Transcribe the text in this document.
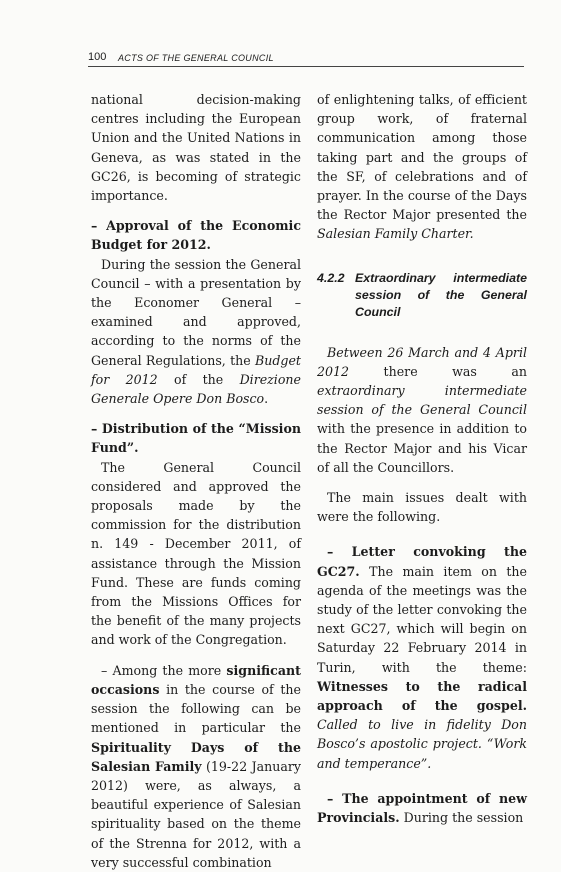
100 ACTS OF THE GENERAL COUNCIL

national decision-making centres including the European Union and the United Nations in Geneva, as was stated in the GC26, is becoming of strategic importance.

– Approval of the Economic Budget for 2012.

During the session the General Council – with a presentation by the Economer General – examined and approved, according to the norms of the General Regulations, the Budget for 2012 of the Direzione Generale Opere Don Bosco.

– Distribution of the “Mission Fund”.

The General Council considered and approved the proposals made by the commission for the distribution n. 149 - December 2011, of assistance through the Mission Fund. These are funds coming from the Missions Offices for the benefit of the many projects and work of the Congregation.

– Among the more significant occasions in the course of the session the following can be mentioned in particular the Spirituality Days of the Salesian Family (19-22 January 2012) were, as always, a beautiful experience of Salesian spirituality based on the theme of the Strenna for 2012, with a very successful combination

of enlightening talks, of efficient group work, of fraternal communication among those taking part and the groups of the SF, of celebrations and of prayer. In the course of the Days the Rector Major presented the Salesian Family Charter.

4.2.2 Extraordinary intermediate session of the General Council

Between 26 March and 4 April 2012 there was an extraordinary intermediate session of the General Council with the presence in addition to the Rector Major and his Vicar of all the Councillors.

The main issues dealt with were the following.

– Letter convoking the GC27. The main item on the agenda of the meetings was the study of the letter convoking the next GC27, which will begin on Saturday 22 February 2014 in Turin, with the theme: Witnesses to the radical approach of the gospel. Called to live in fidelity Don Bosco’s apostolic project. “Work and temperance”.

– The appointment of new Provincials. During the session
